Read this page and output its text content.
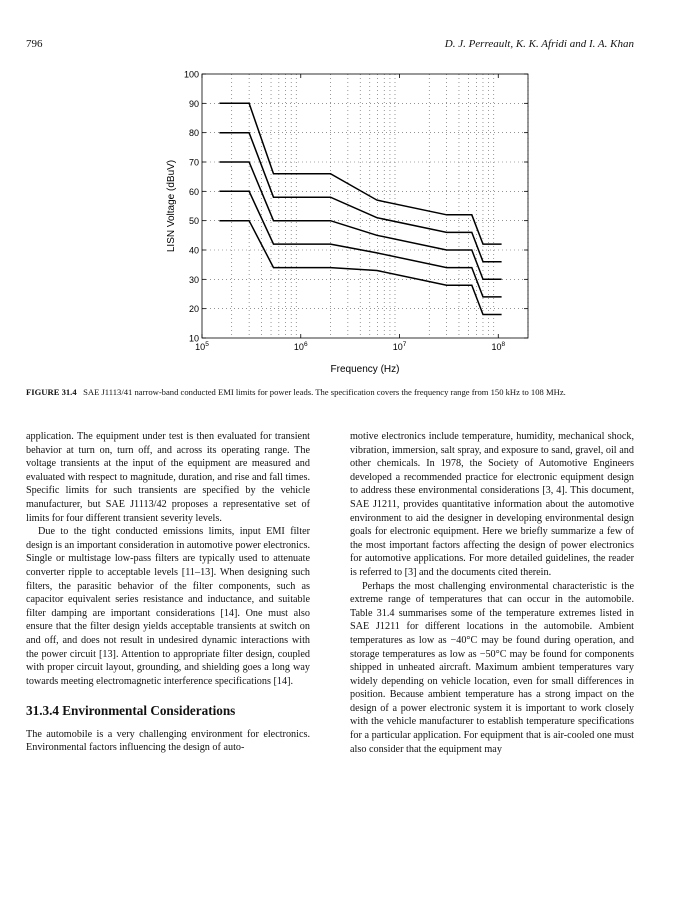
796	D. J. Perreault, K. K. Afridi and I. A. Khan
100
90
80
70
60
50
40
30
20
10
$10^5$	$10^6$	$10^7$	$10^8$
Frequency (Hz)
LISN Voltage (dBuV)
FIGURE 31.4 SAE J1113/41 narrow-band conducted EMI limits for power leads. The specification covers the frequency range from 150 kHz to 108 MHz.

application. The equipment under test is then evaluated for transient behavior at turn on, turn off, and across its operating range. The voltage transients at the input of the equipment are measured and evaluated with respect to magnitude, duration, and rise and fall times. Specific limits for such transients are specified by the vehicle manufacturer, but SAE J1113/42 proposes a representative set of limits for four different transient severity levels.

Due to the tight conducted emissions limits, input EMI filter design is an important consideration in automotive power electronics. Single or multistage low-pass filters are typically used to attenuate converter ripple to acceptable levels [11–13]. When designing such filters, the parasitic behavior of the filter components, such as capacitor equivalent series resistance and inductance, and suitable filter damping are important considerations [14]. One must also ensure that the filter design yields acceptable transients at switch on and off, and does not result in undesired dynamic interactions with the power circuit [13]. Attention to appropriate filter design, coupled with proper circuit layout, grounding, and shielding goes a long way towards meeting electromagnetic interference specifications [14].

31.3.4 Environmental Considerations

The automobile is a very challenging environment for electronics. Environmental factors influencing the design of auto-

motive electronics include temperature, humidity, mechanical shock, vibration, immersion, salt spray, and exposure to sand, gravel, oil and other chemicals. In 1978, the Society of Automotive Engineers developed a recommended practice for electronic equipment design to address these environmental considerations [3, 4]. This document, SAE J1211, provides quantitative information about the automotive environment to aid the designer in developing environmental design goals for electronic equipment. Here we briefly summarize a few of the most important factors affecting the design of power electronics for automotive applications. For more detailed guidelines, the reader is referred to [3] and the documents cited therein.

Perhaps the most challenging environmental characteristic is the extreme range of temperatures that can occur in the automobile. Table 31.4 summarises some of the temperature extremes listed in SAE J1211 for different locations in the automobile. Ambient temperatures as low as −40°C may be found during operation, and storage temperatures as low as −50°C may be found for components shipped in unheated aircraft. Maximum ambient temperatures vary widely depending on vehicle location, even for small differences in position. Because ambient temperature has a strong impact on the design of a power electronic system it is important to work closely with the vehicle manufacturer to establish temperature specifications for a particular application. For equipment that is air-cooled one must also consider that the equipment may
